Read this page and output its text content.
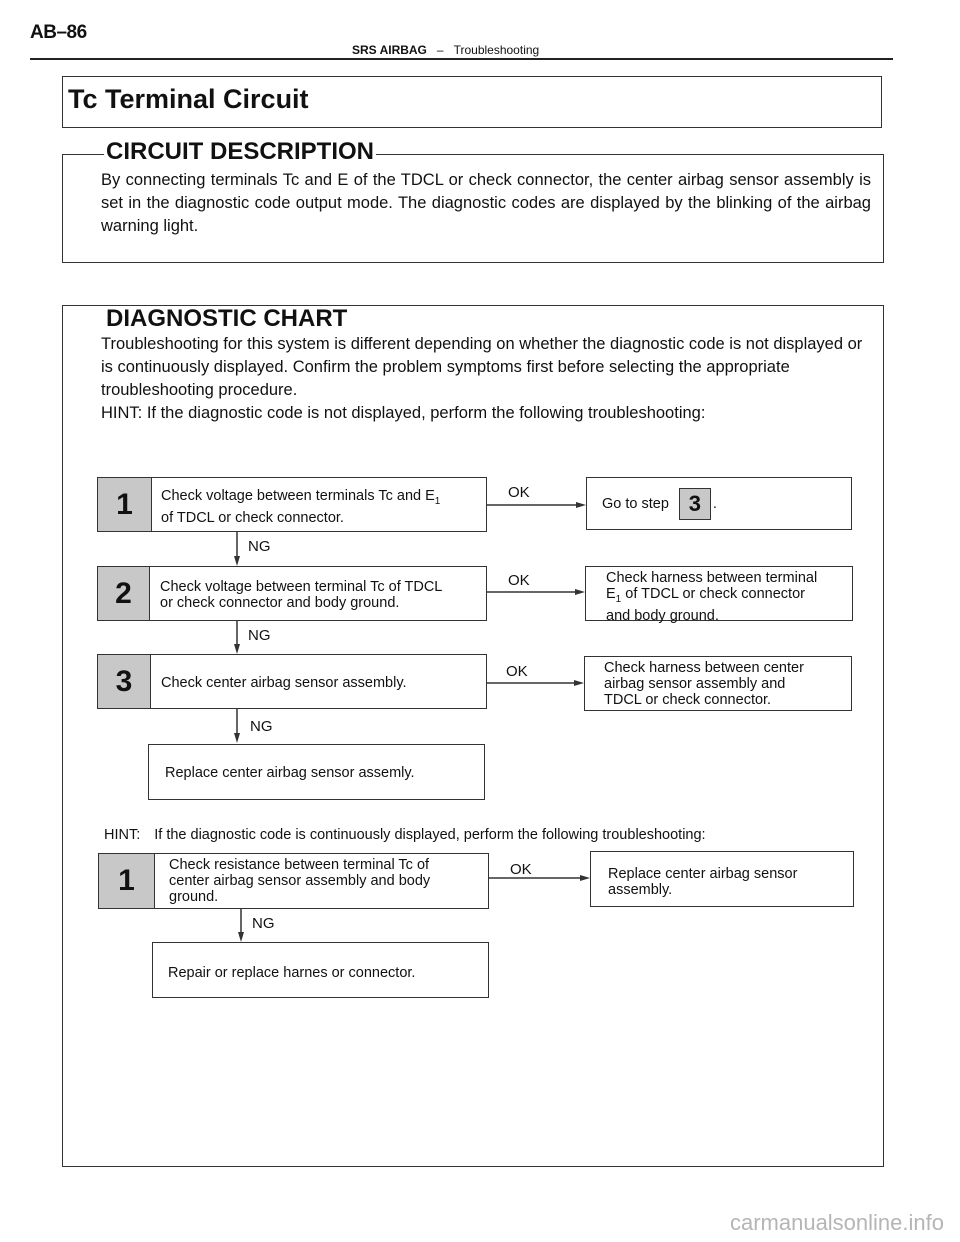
AB–86
SRS AIRBAG – Troubleshooting
Tc Terminal Circuit
CIRCUIT DESCRIPTION
By connecting terminals Tc and E of the TDCL or check connector, the center airbag sensor assembly is set in the diagnostic code output mode. The diagnostic codes are displayed by the blinking of the airbag warning light.
DIAGNOSTIC CHART
Troubleshooting for this system is different depending on whether the diagnostic code is not displayed or is continuously displayed. Confirm the problem symptoms first before selecting the appropriate troubleshooting procedure.
HINT: If the diagnostic code is not displayed, perform the following troubleshooting:
1	Check voltage between terminals Tc and $E_1$
of TDCL or check connector.
OK
NG
Go to step 3 .
2	Check voltage between terminal Tc of TDCL
or check connector and body ground.
OK
NG
Check harness between terminal
$E_1$ of TDCL or check connector
and body ground.
3	Check center airbag sensor assembly.
OK
NG
Check harness between center
airbag sensor assembly and
TDCL or check connector.
Replace center airbag sensor assemly.
HINT: If the diagnostic code is continuously displayed, perform the following troubleshooting:
1	Check resistance between terminal Tc of
center airbag sensor assembly and body
ground.
OK
NG
Replace center airbag sensor
assembly.
Repair or replace harnes or connector.
carmanualsonline.info
